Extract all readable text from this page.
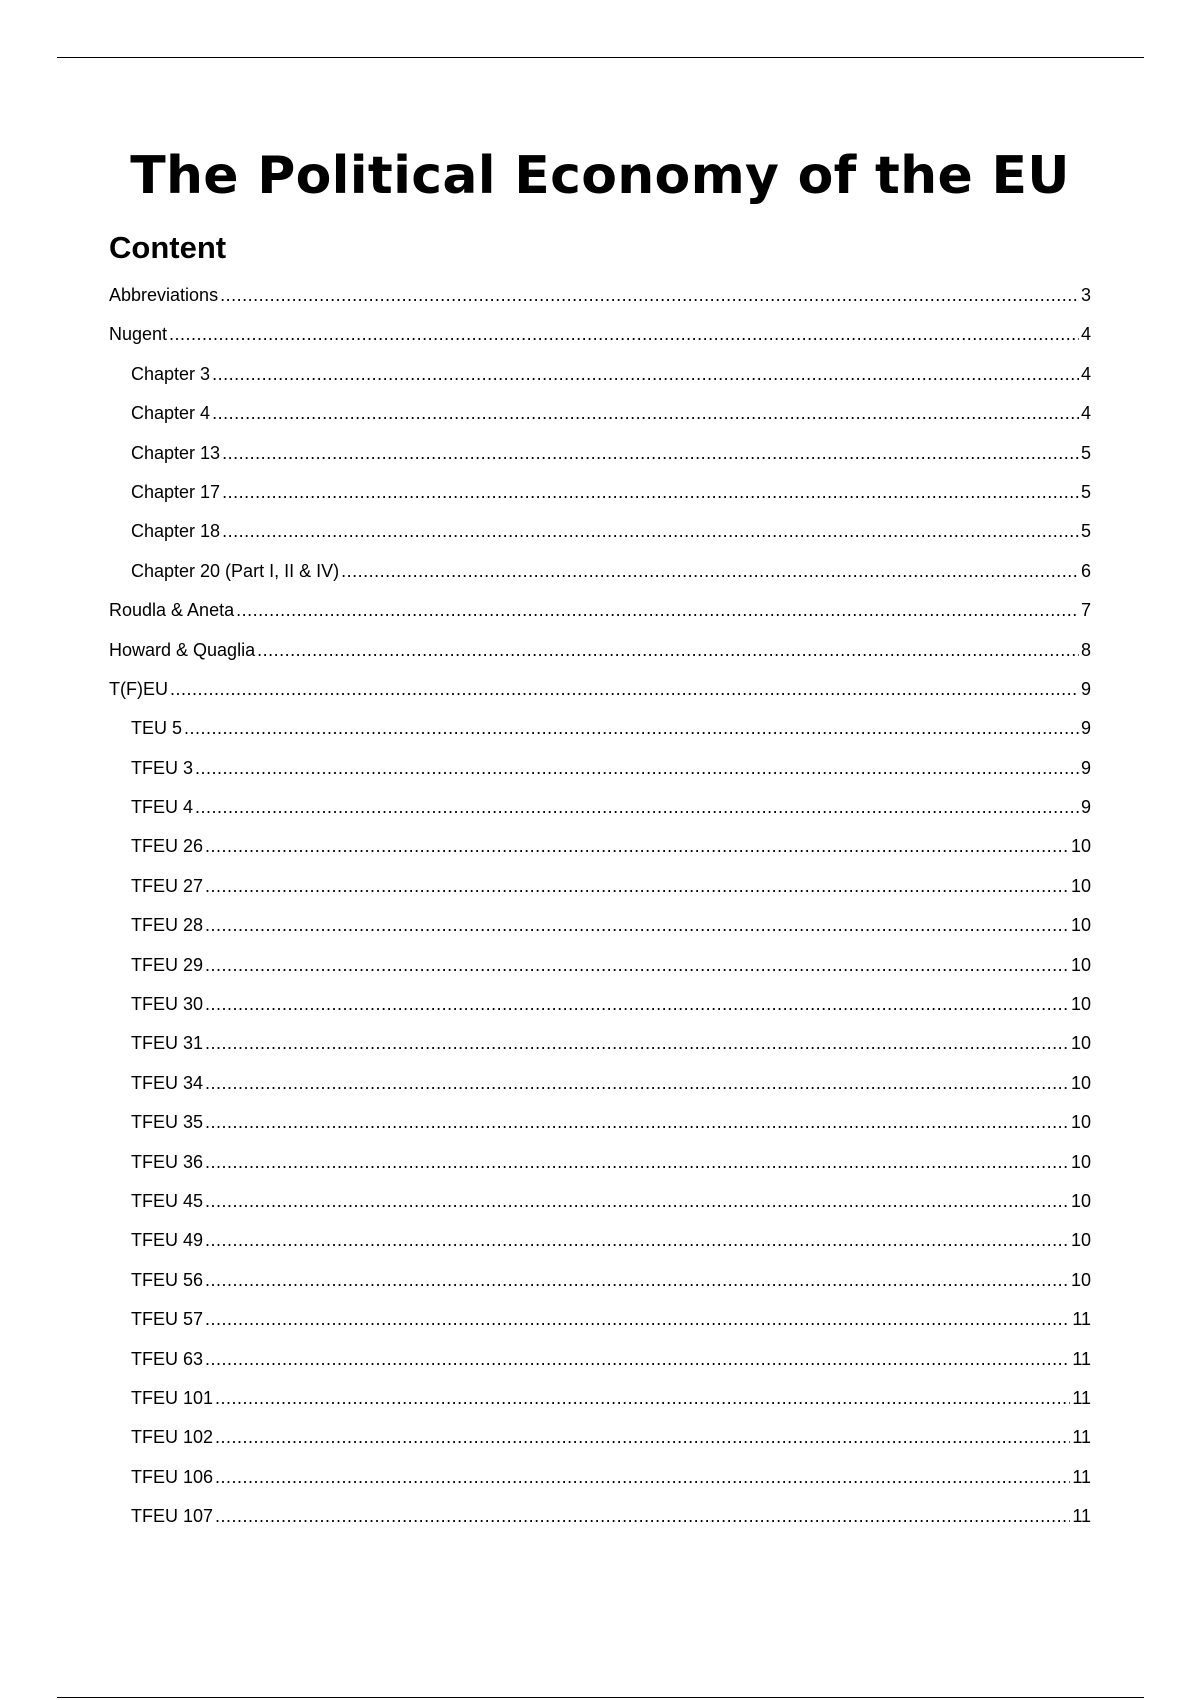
The Political Economy of the EU
Content
Abbreviations .....	3
Nugent .....	4
Chapter 3 .....	4
Chapter 4 .....	4
Chapter 13 .....	5
Chapter 17 .....	5
Chapter 18 .....	5
Chapter 20 (Part I, II & IV) .....	6
Roudla & Aneta .....	7
Howard & Quaglia .....	8
T(F)EU .....	9
TEU 5 .....	9
TFEU 3 .....	9
TFEU 4 .....	9
TFEU 26 .....	10
TFEU 27 .....	10
TFEU 28 .....	10
TFEU 29 .....	10
TFEU 30 .....	10
TFEU 31 .....	10
TFEU 34 .....	10
TFEU 35 .....	10
TFEU 36 .....	10
TFEU 45 .....	10
TFEU 49 .....	10
TFEU 56 .....	10
TFEU 57 .....	11
TFEU 63 .....	11
TFEU 101 .....	11
TFEU 102 .....	11
TFEU 106 .....	11
TFEU 107 .....	11
